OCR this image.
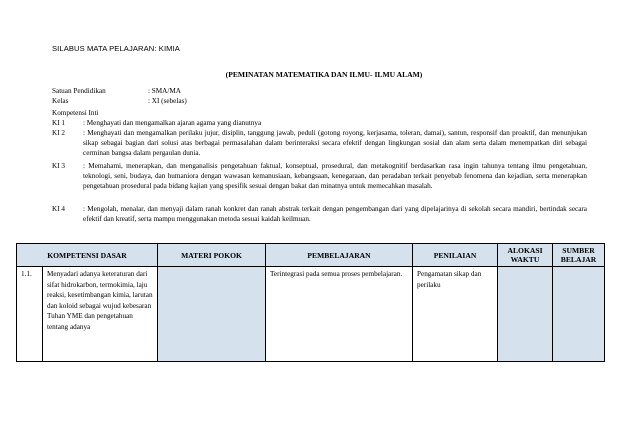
SILABUS MATA PELAJARAN: KIMIA
(PEMINATAN MATEMATIKA DAN ILMU- ILMU ALAM)
Satuan Pendidikan	: SMA/MA
Kelas	: XI (sebelas)
Kompetensi Inti
KI 1	: Menghayati dan mengamalkan ajaran agama yang dianutnya
KI 2	: Menghayati dan mengamalkan perilaku jujur, disiplin, tanggung jawab, peduli (gotong royong, kerjasama, toleran, damai), santun, responsif dan proaktif, dan menunjukan sikap sebagai bagian dari solusi atas berbagai permasalahan dalam berinteraksi secara efektif dengan lingkungan sosial dan alam serta dalam menempatkan diri sebagai cerminan bangsa dalam pergaulan dunia.
KI 3	: Memahami, menerapkan, dan menganalisis pengetahuan faktual, konseptual, prosedural, dan metakognitif berdasarkan rasa ingin tahunya tentang ilmu pengetahuan, teknologi, seni, budaya, dan humaniora dengan wawasan kemanusiaan, kebangsaan, kenegaraan, dan peradaban terkait penyebab fenomena dan kejadian, serta menerapkan pengetahuan prosedural pada bidang kajian yang spesifik sesuai dengan bakat dan minatnya untuk memecahkan masalah.
KI 4	: Mengolah, menalar, dan menyaji dalam ranah konkret dan ranah abstrak terkait dengan pengembangan dari yang dipelajarinya di sekolah secara mandiri, bertindak secara efektif dan kreatif, serta mampu menggunakan metoda sesuai kaidah keilmuan.
KOMPETENSI DASAR		MATERI POKOK	PEMBELAJARAN	PENILAIAN	ALOKASI WAKTU	SUMBER BELAJAR
1.1.	Menyadari adanya keteraturan dari sifat hidrokarbon, termokimia, laju reaksi, kesetimbangan kimia, larutan dan koloid sebagai wujud kebesaran Tuhan YME dan pengetahuan tentang adanya		Terintegrasi pada semua proses pembelajaran.	Pengamatan sikap dan perilaku		
